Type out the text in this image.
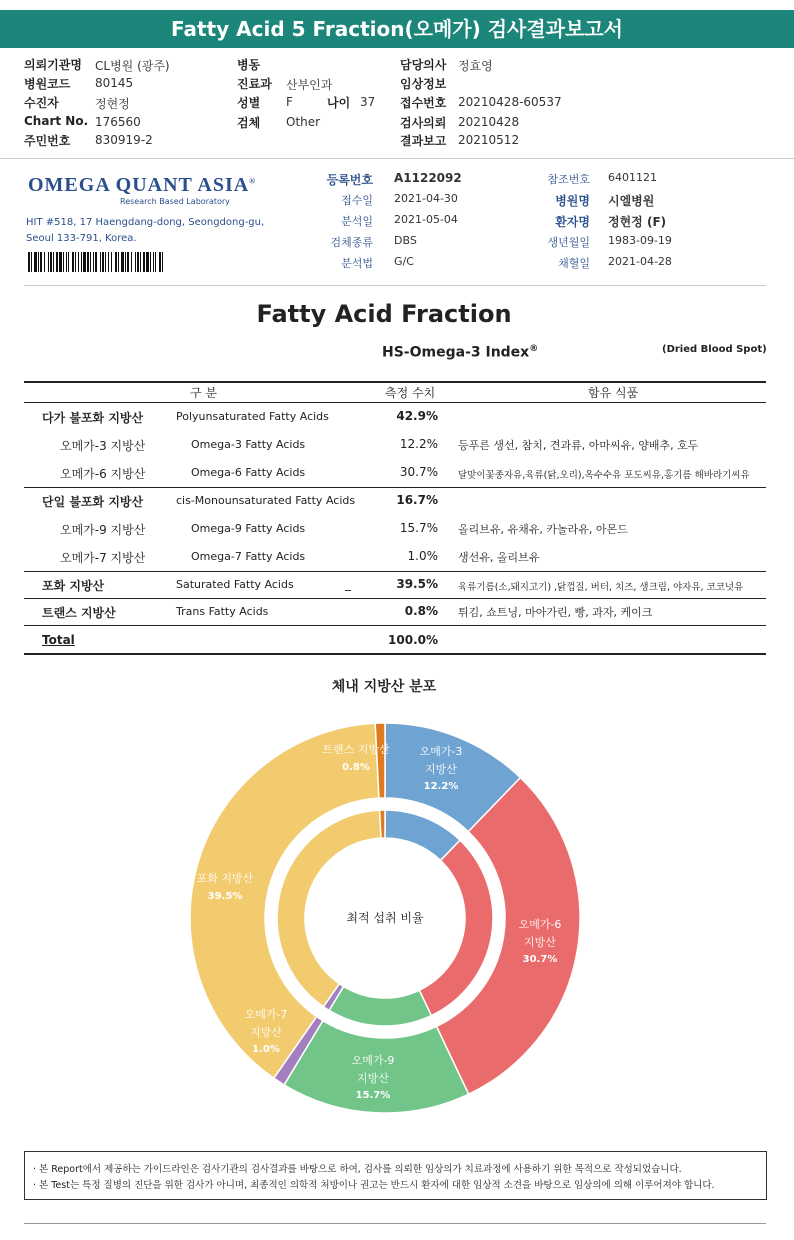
Fatty Acid 5 Fraction(오메가) 검사결과보고서
의뢰기관명 CL병원 (광주)
병원코드 80145
수진자	정현정
Chart No. 176560
주민번호 830919-2
병동
진료과 산부인과
성별 F	나이 37
검체 Other
담당의사 정효영
임상정보
접수번호 20210428-60537
검사의뢰 20210428
결과보고 20210512
OMEGA QUANT ASIA®
Research Based Laboratory
HIT #518, 17 Haengdang-dong, Seongdong-gu,
Seoul 133-791, Korea.
등록번호 A1122092
접수일 2021-04-30
분석일 2021-05-04
검체종류 DBS
분석법 G/C
참조번호 6401121
병원명 시엘병원
환자명 정현정 (F)
생년월일 1983-09-19
채혈일 2021-04-28
Fatty Acid Fraction
HS-Omega-3 Index®	(Dried Blood Spot)
구 분	측정 수치	함유 식품
다가 불포화 지방산	Polyunsaturated Fatty Acids	42.9%
오메가-3 지방산	Omega-3 Fatty Acids	12.2% 등푸른 생선, 참치, 견과류, 아마씨유, 양배추, 호두
오메가-6 지방산	Omega-6 Fatty Acids	30.7% 달맞이꽃종자유,육류(닭,오리),옥수수유 포도씨유,홍기름 해바라기씨유
단일 불포화 지방산	cis-Monounsaturated Fatty Acids	16.7%
오메가-9 지방산	Omega-9 Fatty Acids	15.7% 올리브유, 유채유, 카놀라유, 아몬드
오메가-7 지방산	Omega-7 Fatty Acids	1.0% 생선유, 올리브유
포화 지방산	Saturated Fatty Acids	39.5% 육류기름(소,돼지고기) ,닭껍질, 버터, 치즈, 생크림, 야자유, 코코넛유
트랜스 지방산	Trans Fatty Acids	0.8% 튀김, 쇼트닝, 마아가린, 빵, 과자, 케이크
_
Total	100.0%
체내 지방산 분포
최적 섭취 비율
오메가-3
지방산
12.2%
오메가-6
지방산
30.7%
오메가-9
지방산
15.7%
오메가-7
지방산
1.0%
포화 지방산
39.5%
트랜스 지방산
0.8%
· 본 Report에서 제공하는 가이드라인은 검사기관의 검사결과를 바탕으로 하여, 검사를 의뢰한 임상의가 치료과정에 사용하기 위한 목적으로 작성되었습니다.
· 본 Test는 특정 질병의 진단을 위한 검사가 아니며, 최종적인 의학적 처방이나 권고는 반드시 환자에 대한 임상적 소견을 바탕으로 임상의에 의해 이루어져야 합니다.
